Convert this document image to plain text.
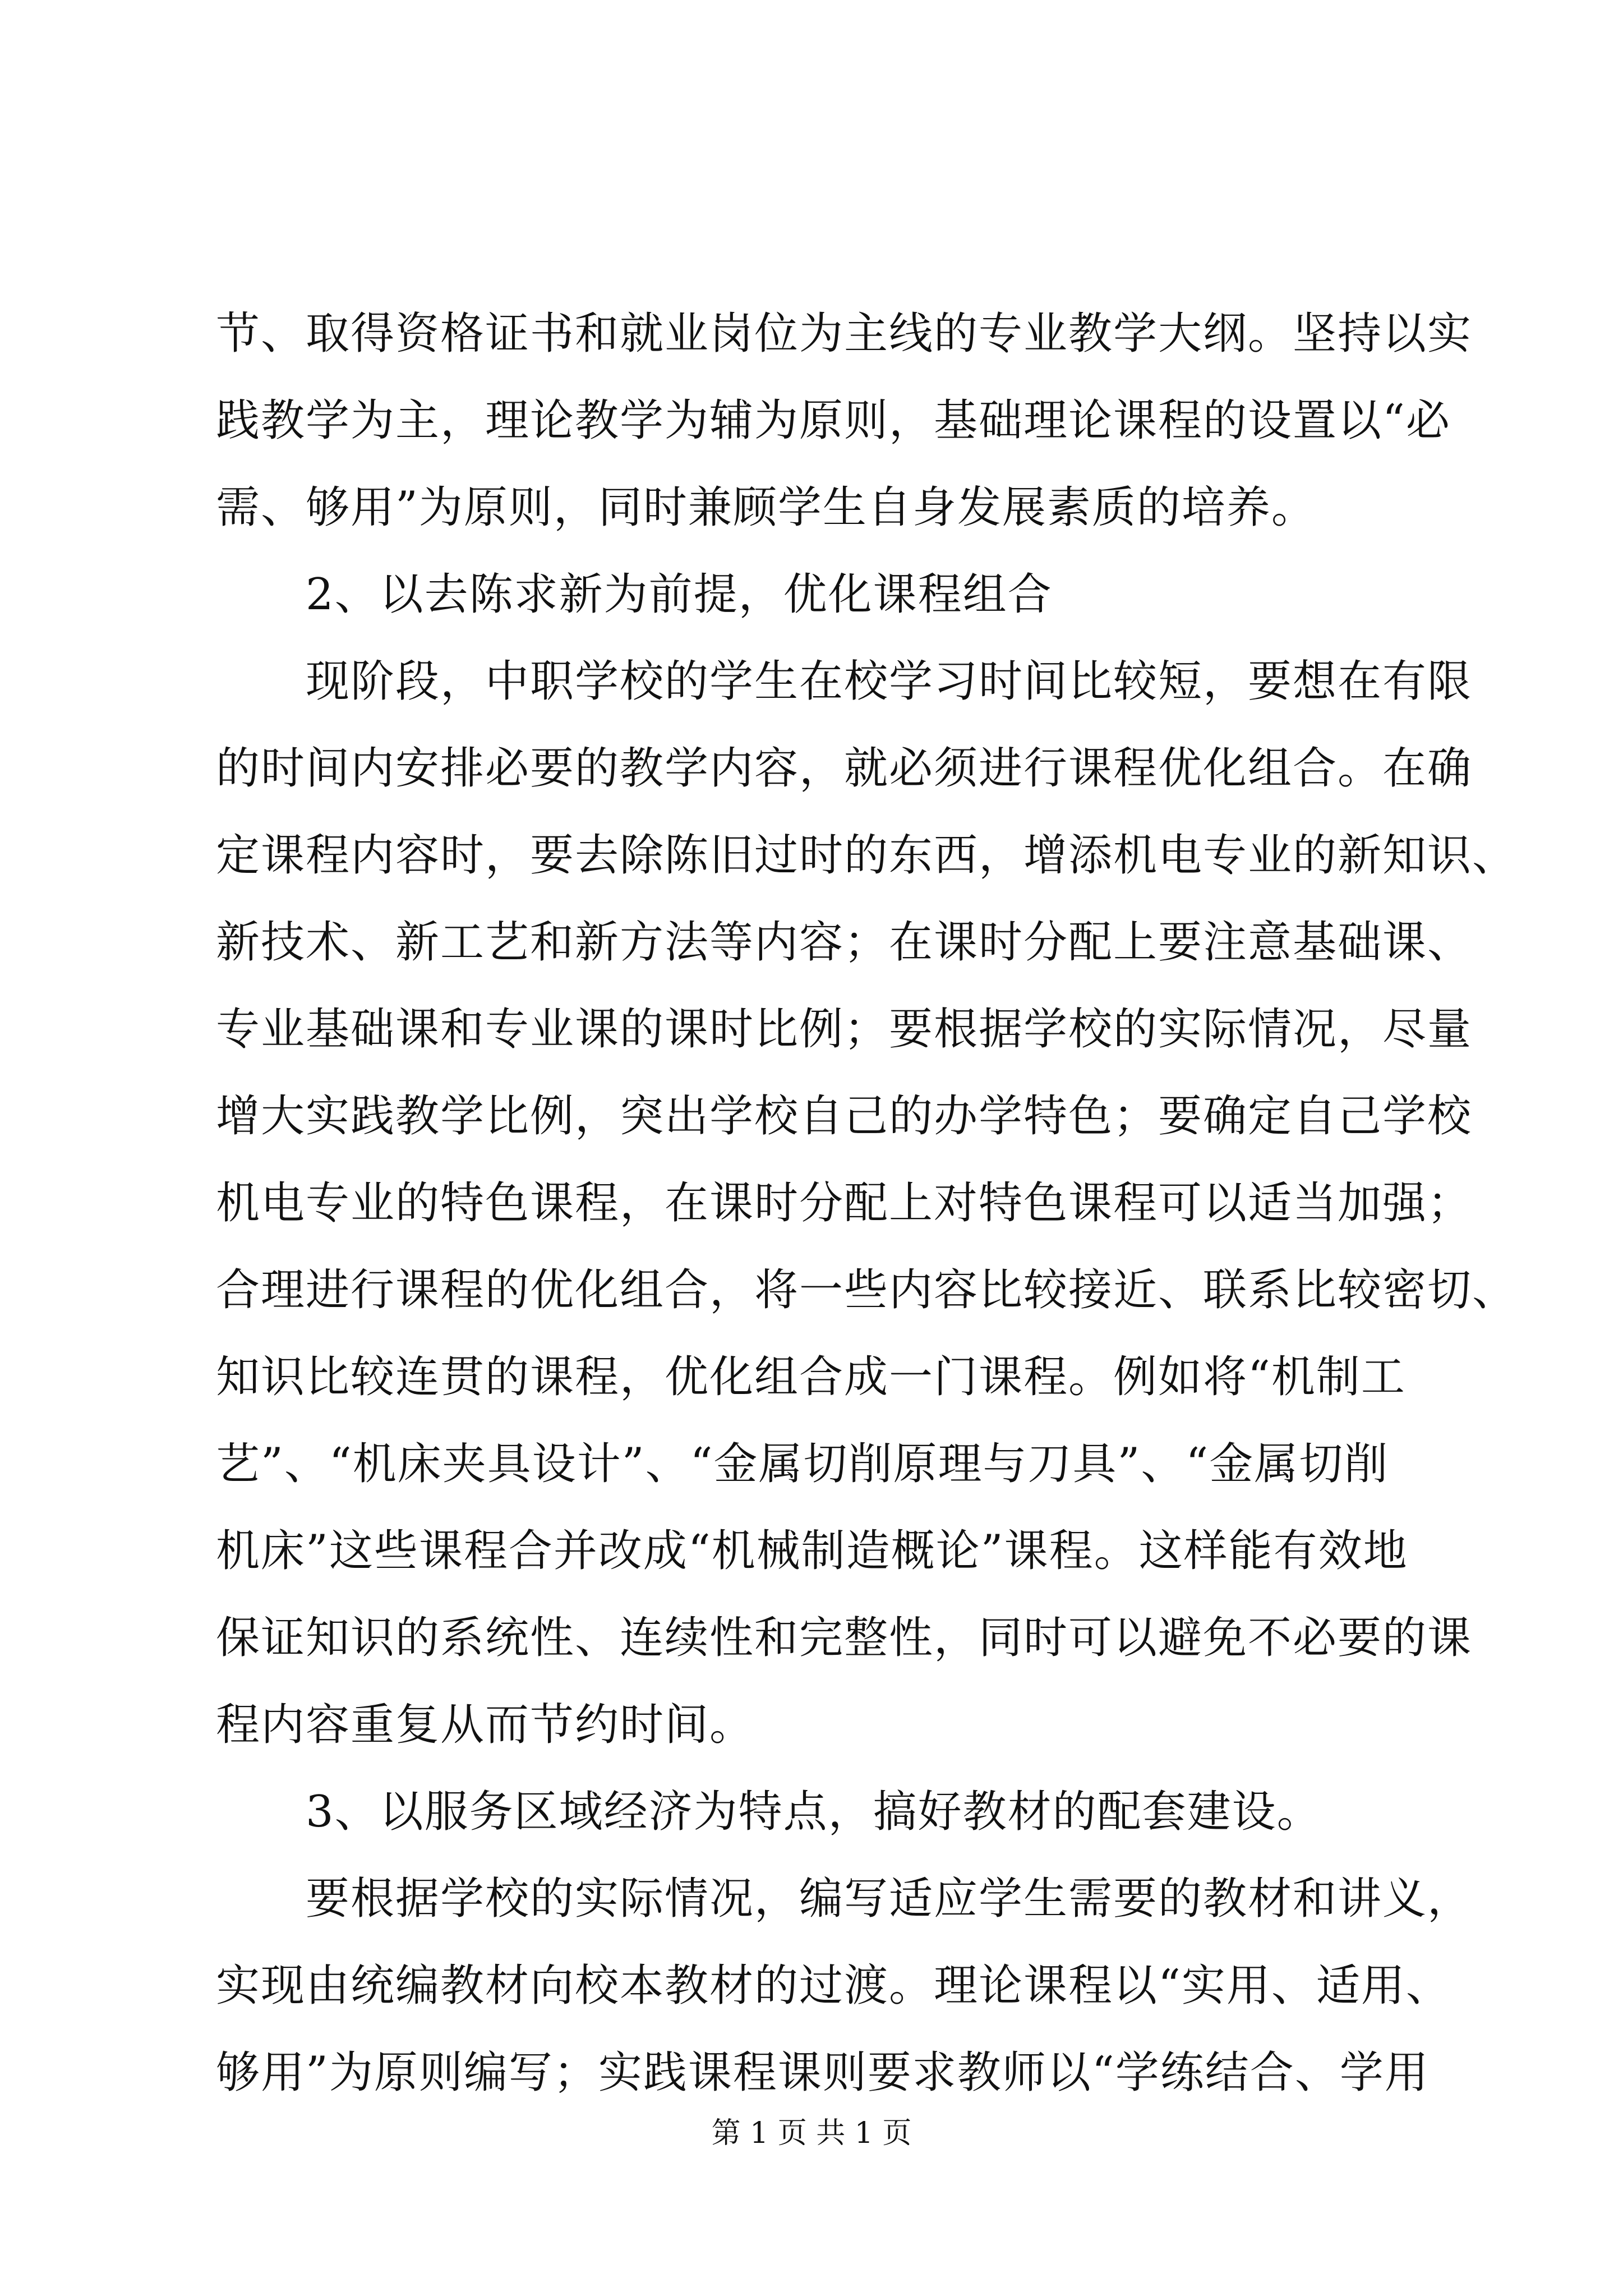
节、取得资格证书和就业岗位为主线的专业教学大纲。坚持以实
践教学为主，理论教学为辅为原则，基础理论课程的设置以“必
需、够用”为原则，同时兼顾学生自身发展素质的培养。
　　2、以去陈求新为前提，优化课程组合
　　现阶段，中职学校的学生在校学习时间比较短，要想在有限
的时间内安排必要的教学内容，就必须进行课程优化组合。在确
定课程内容时，要去除陈旧过时的东西，增添机电专业的新知识、
新技术、新工艺和新方法等内容；在课时分配上要注意基础课、
专业基础课和专业课的课时比例；要根据学校的实际情况，尽量
增大实践教学比例，突出学校自己的办学特色；要确定自己学校
机电专业的特色课程，在课时分配上对特色课程可以适当加强；
合理进行课程的优化组合，将一些内容比较接近、联系比较密切、
知识比较连贯的课程，优化组合成一门课程。例如将“机制工
艺”、“机床夹具设计”、“金属切削原理与刀具”、“金属切削
机床”这些课程合并改成“机械制造概论”课程。这样能有效地
保证知识的系统性、连续性和完整性，同时可以避免不必要的课
程内容重复从而节约时间。
　　3、以服务区域经济为特点，搞好教材的配套建设。
　　要根据学校的实际情况，编写适应学生需要的教材和讲义，
实现由统编教材向校本教材的过渡。理论课程以“实用、适用、
够用”为原则编写；实践课程课则要求教师以“学练结合、学用
第 1 页 共 1 页
